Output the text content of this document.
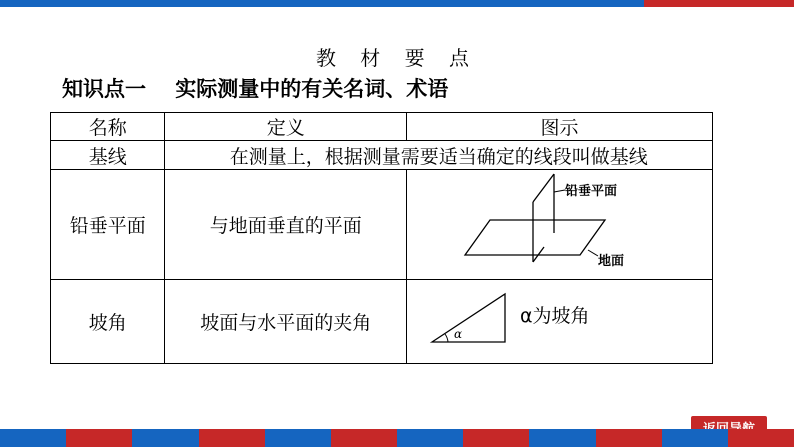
教 材 要 点
知识点一    实际测量中的有关名词、术语
名称	定义	图示
基线	在测量上，根据测量需要适当确定的线段叫做基线	
铅垂平面	与地面垂直的平面	铅垂平面
地面

坡角	坡面与水平面的夹角	α
α为坡角
